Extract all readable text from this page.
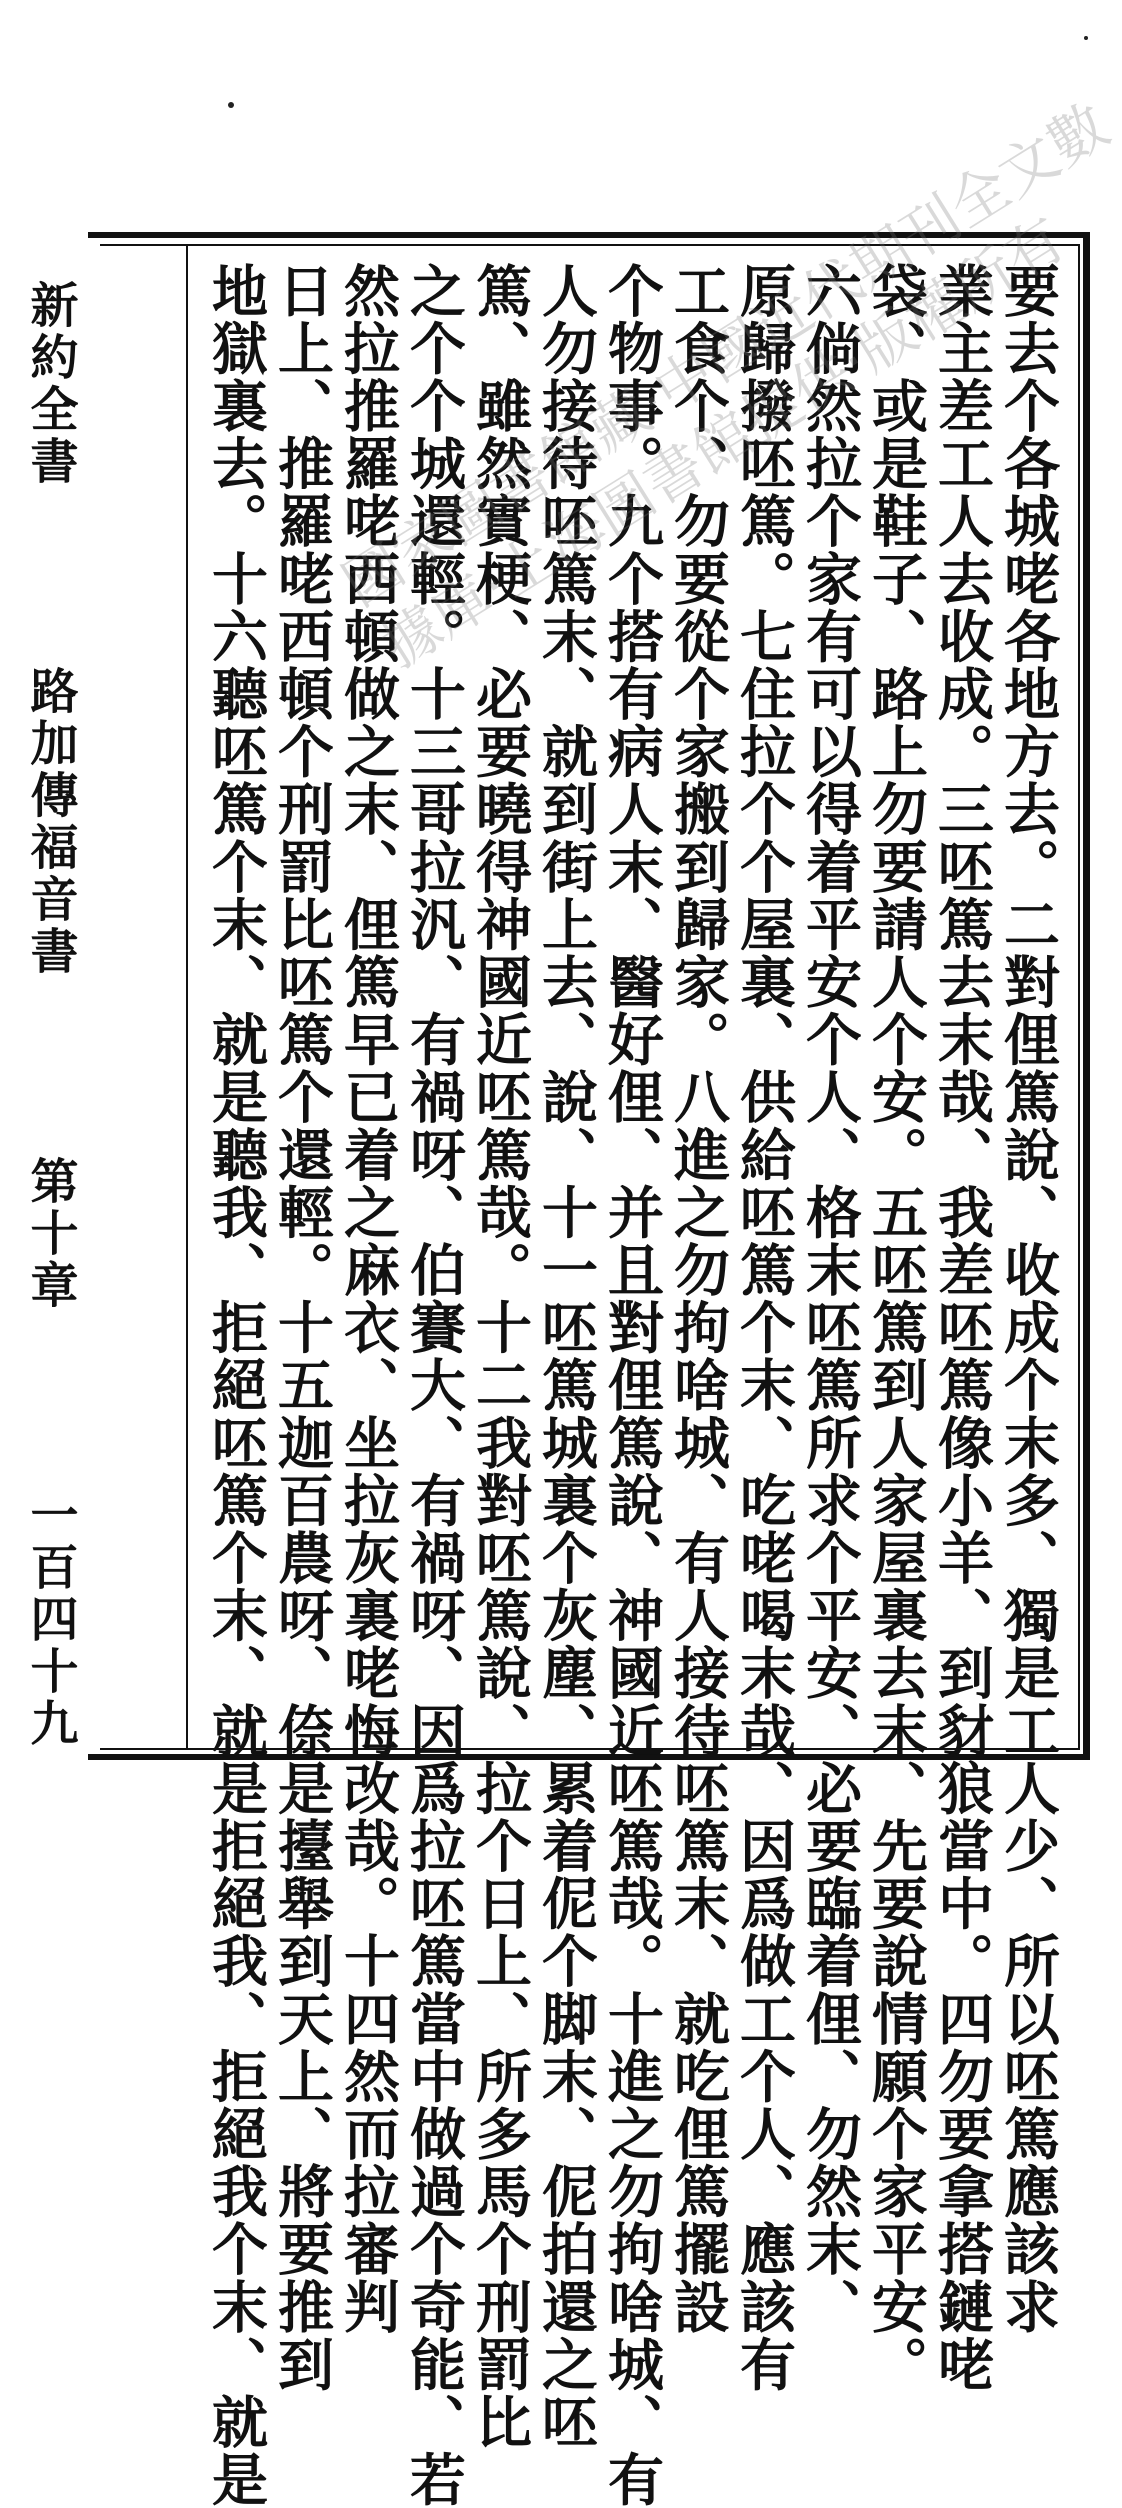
新約全書
路加傳福音書
第十章
一百四十九	要去个各城咾各地方去。二對俚篤說、收成个末多、獨是工人少、所以呸篤應該求
業主差工人去收成。三呸篤去末哉、我差呸篤像小羊、到豺狼當中。四勿要拿搭鏈咾
袋、或是鞋子、路上勿要請人个安。五呸篤到人家屋裏去末、先要說情願个家平安。
六倘然拉个家有可以得着平安个人、格末呸篤所求个平安、必要臨着俚、勿然末、
原歸撥呸篤。七住拉个个屋裏、供給呸篤个末、吃咾喝末哉、因爲做工个人、應該有
工食个、勿要從个家搬到歸家。八進之勿拘啥城、有人接待呸篤末、就吃俚篤擺設
个物事。九个搭有病人末、醫好俚、并且對俚篤說、神國近呸篤哉。十進之勿拘啥城、有
人勿接待呸篤末、就到街上去、說、十一呸篤城裏个灰塵、累着伲个脚末、伲拍還之呸
篤、雖然實梗、必要曉得神國近呸篤哉。十二我對呸篤說、拉个日上、所多馬个刑罰比
之个个城還輕。十三哥拉汎、有禍呀、伯賽大、有禍呀、因爲拉呸篤當中做過个奇能、若
然拉推羅咾西頓做之末、俚篤早已着之麻衣、坐拉灰裏咾悔改哉。十四然而拉審判
日上、推羅咾西頓个刑罰比呸篤个還輕。十五迦百農呀、倷是擡舉到天上、將要推到
地獄裏去。十六聽呸篤个末、就是聽我、拒絕呸篤个末、就是拒絕我、拒絕我个末、就是 國家圖書館藏·中國近代期刊全文數據庫·上海圖書館提供·版權所有
